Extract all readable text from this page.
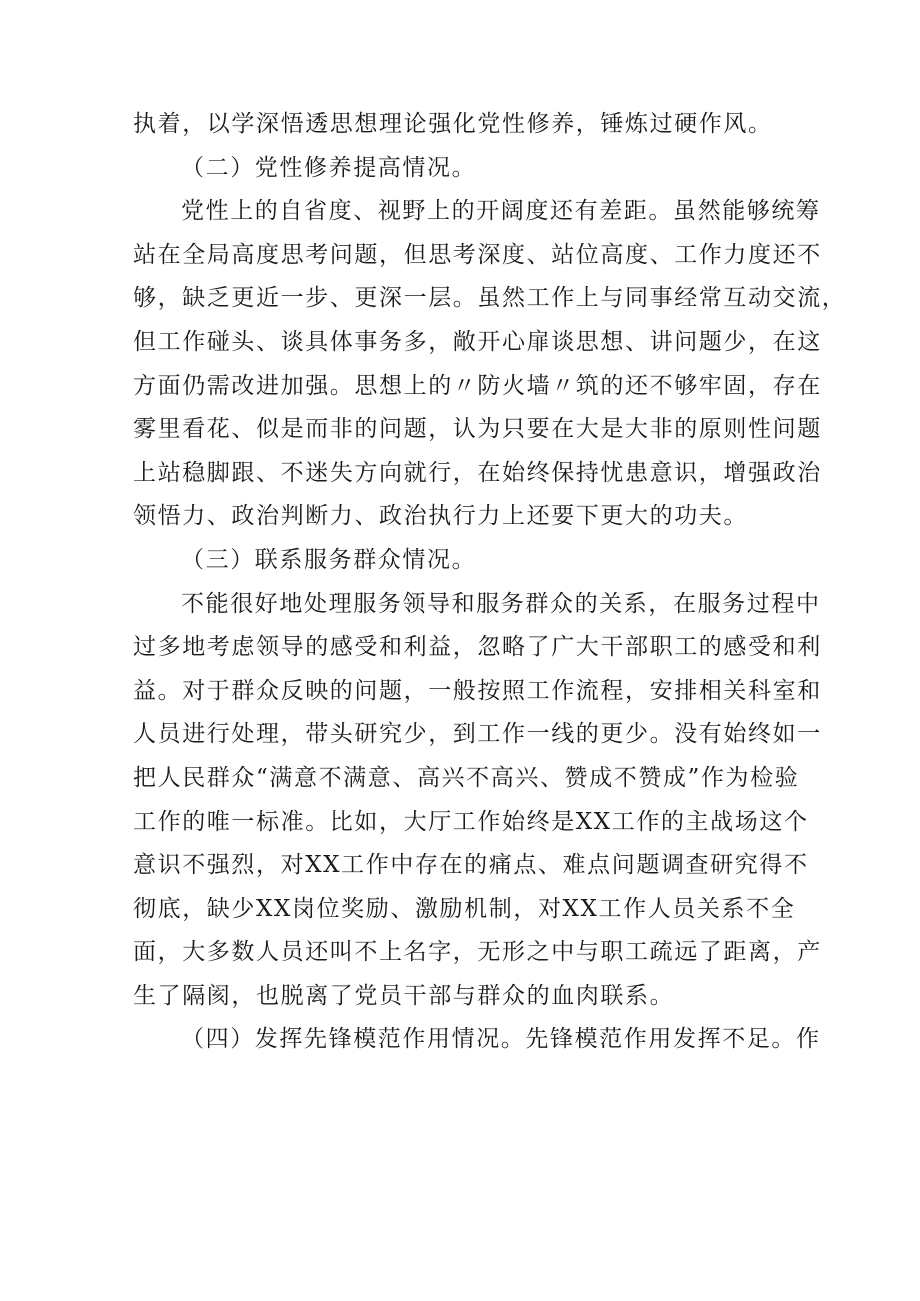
执着，以学深悟透思想理论强化党性修养，锤炼过硬作风。
（二）党性修养提高情况。
党性上的自省度、视野上的开阔度还有差距。虽然能够统筹
站在全局高度思考问题，但思考深度、站位高度、工作力度还不
够，缺乏更近一步、更深一层。虽然工作上与同事经常互动交流，
但工作碰头、谈具体事务多，敞开心扉谈思想、讲问题少，在这
方面仍需改进加强。思想上的〃防火墙〃筑的还不够牢固，存在
雾里看花、似是而非的问题，认为只要在大是大非的原则性问题
上站稳脚跟、不迷失方向就行，在始终保持忧患意识，增强政治
领悟力、政治判断力、政治执行力上还要下更大的功夫。
（三）联系服务群众情况。
不能很好地处理服务领导和服务群众的关系，在服务过程中
过多地考虑领导的感受和利益，忽略了广大干部职工的感受和利
益。对于群众反映的问题，一般按照工作流程，安排相关科室和
人员进行处理，带头研究少，到工作一线的更少。没有始终如一
把人民群众“满意不满意、高兴不高兴、赞成不赞成”作为检验
工作的唯一标准。比如，大厅工作始终是XX工作的主战场这个
意识不强烈，对XX工作中存在的痛点、难点问题调查研究得不
彻底，缺少XX岗位奖励、激励机制，对XX工作人员关系不全
面，大多数人员还叫不上名字，无形之中与职工疏远了距离，产
生了隔阂，也脱离了党员干部与群众的血肉联系。
（四）发挥先锋模范作用情况。先锋模范作用发挥不足。作
